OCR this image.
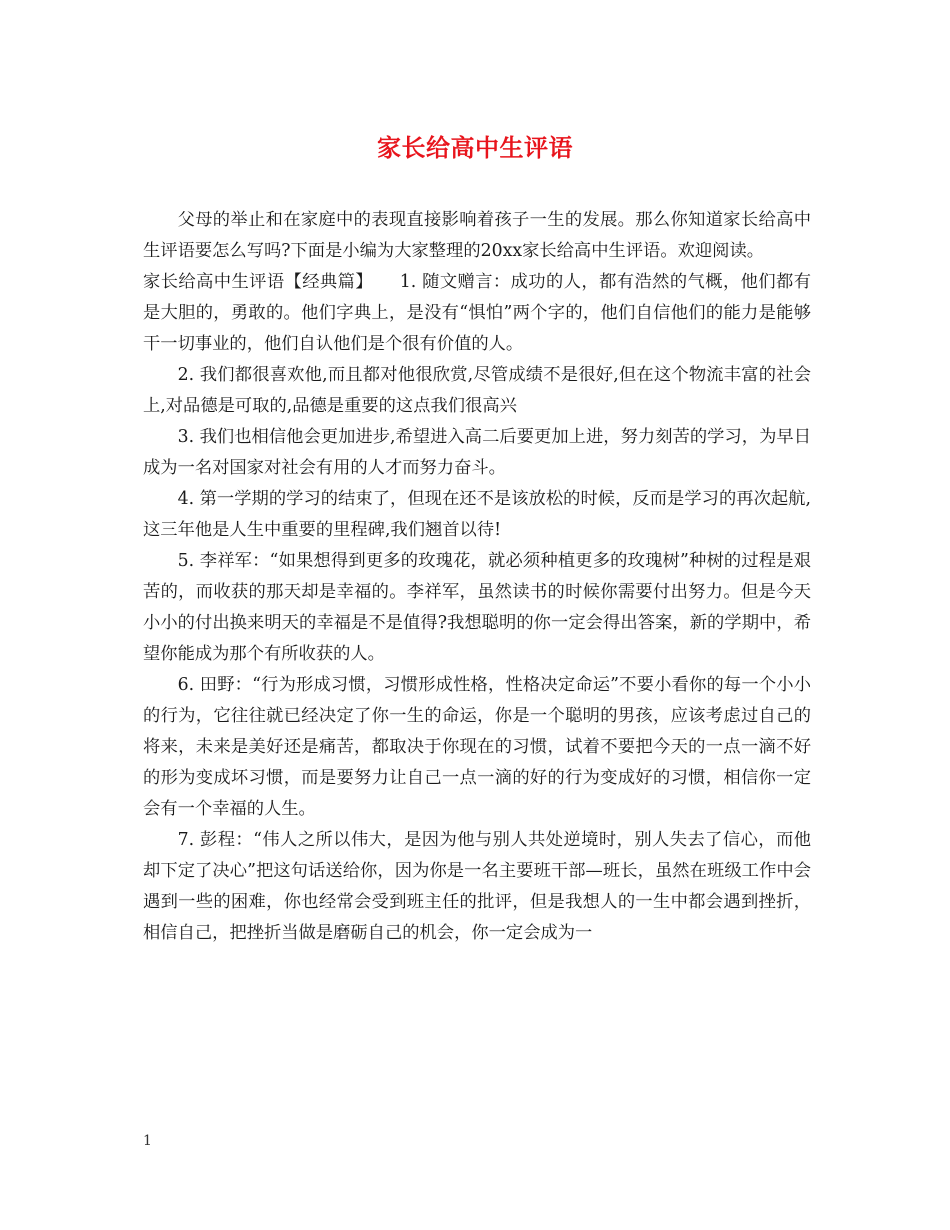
家长给高中生评语

父母的举止和在家庭中的表现直接影响着孩子一生的发展。那么你知道家长给高中生评语要怎么写吗?下面是小编为大家整理的20xx家长给高中生评语。欢迎阅读。

家长给高中生评语【经典篇】　　1. 随文赠言：成功的人，都有浩然的气概，他们都有是大胆的，勇敢的。他们字典上，是没有“惧怕”两个字的，他们自信他们的能力是能够干一切事业的，他们自认他们是个很有价值的人。

2. 我们都很喜欢他,而且都对他很欣赏,尽管成绩不是很好,但在这个物流丰富的社会上,对品德是可取的,品德是重要的这点我们很高兴

3. 我们也相信他会更加进步,希望进入高二后要更加上进，努力刻苦的学习，为早日成为一名对国家对社会有用的人才而努力奋斗。

4. 第一学期的学习的结束了，但现在还不是该放松的时候，反而是学习的再次起航,这三年他是人生中重要的里程碑,我们翘首以待!

5. 李祥军：“如果想得到更多的玫瑰花，就必须种植更多的玫瑰树”种树的过程是艰苦的，而收获的那天却是幸福的。李祥军，虽然读书的时候你需要付出努力。但是今天小小的付出换来明天的幸福是不是值得?我想聪明的你一定会得出答案，新的学期中，希望你能成为那个有所收获的人。

6. 田野：“行为形成习惯，习惯形成性格，性格决定命运”不要小看你的每一个小小的行为，它往往就已经决定了你一生的命运，你是一个聪明的男孩，应该考虑过自己的将来，未来是美好还是痛苦，都取决于你现在的习惯，试着不要把今天的一点一滴不好的形为变成坏习惯，而是要努力让自己一点一滴的好的行为变成好的习惯，相信你一定会有一个幸福的人生。

7. 彭程：“伟人之所以伟大，是因为他与别人共处逆境时，别人失去了信心，而他却下定了决心”把这句话送给你，因为你是一名主要班干部—班长，虽然在班级工作中会遇到一些的困难，你也经常会受到班主任的批评，但是我想人的一生中都会遇到挫折，相信自己，把挫折当做是磨砺自己的机会，你一定会成为一

1
